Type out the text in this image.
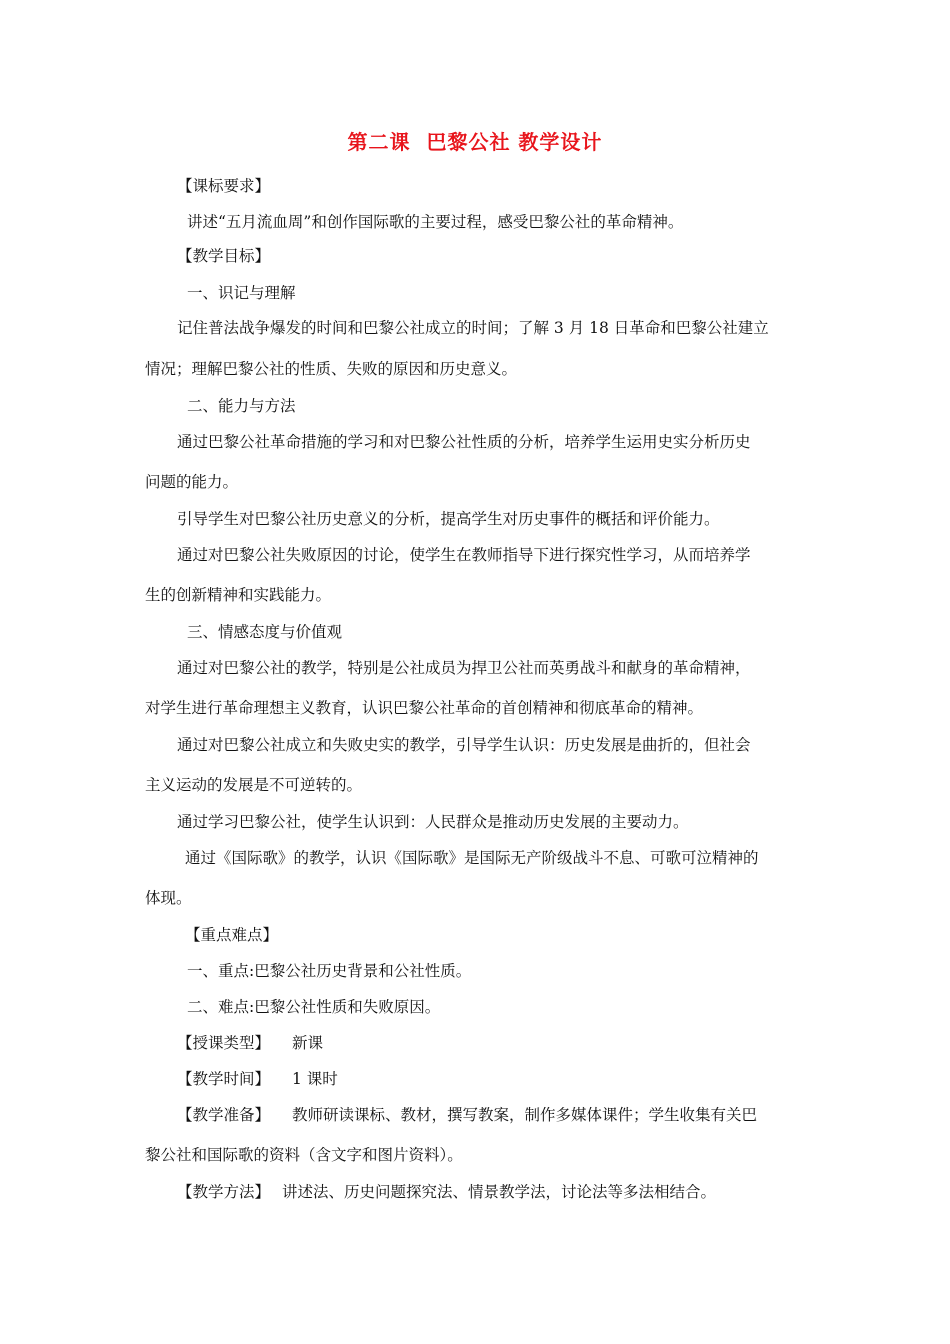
第二课  巴黎公社 教学设计
【课标要求】
讲述“五月流血周”和创作国际歌的主要过程，感受巴黎公社的革命精神。
【教学目标】
一、识记与理解
记住普法战争爆发的时间和巴黎公社成立的时间；了解 3 月 18 日革命和巴黎公社建立
情况；理解巴黎公社的性质、失败的原因和历史意义。
二、能力与方法
通过巴黎公社革命措施的学习和对巴黎公社性质的分析，培养学生运用史实分析历史
问题的能力。
引导学生对巴黎公社历史意义的分析，提高学生对历史事件的概括和评价能力。
通过对巴黎公社失败原因的讨论，使学生在教师指导下进行探究性学习，从而培养学
生的创新精神和实践能力。
三、情感态度与价值观
通过对巴黎公社的教学，特别是公社成员为捍卫公社而英勇战斗和献身的革命精神，
对学生进行革命理想主义教育，认识巴黎公社革命的首创精神和彻底革命的精神。
通过对巴黎公社成立和失败史实的教学，引导学生认识：历史发展是曲折的，但社会
主义运动的发展是不可逆转的。
通过学习巴黎公社，使学生认识到：人民群众是推动历史发展的主要动力。
通过《国际歌》的教学，认识《国际歌》是国际无产阶级战斗不息、可歌可泣精神的
体现。
【重点难点】
一、重点:巴黎公社历史背景和公社性质。
二、难点:巴黎公社性质和失败原因。
【授课类型】 新课
【教学时间】 1 课时
【教学准备】 教师研读课标、教材，撰写教案，制作多媒体课件；学生收集有关巴
黎公社和国际歌的资料（含文字和图片资料）。
【教学方法】 讲述法、历史问题探究法、情景教学法，讨论法等多法相结合。
